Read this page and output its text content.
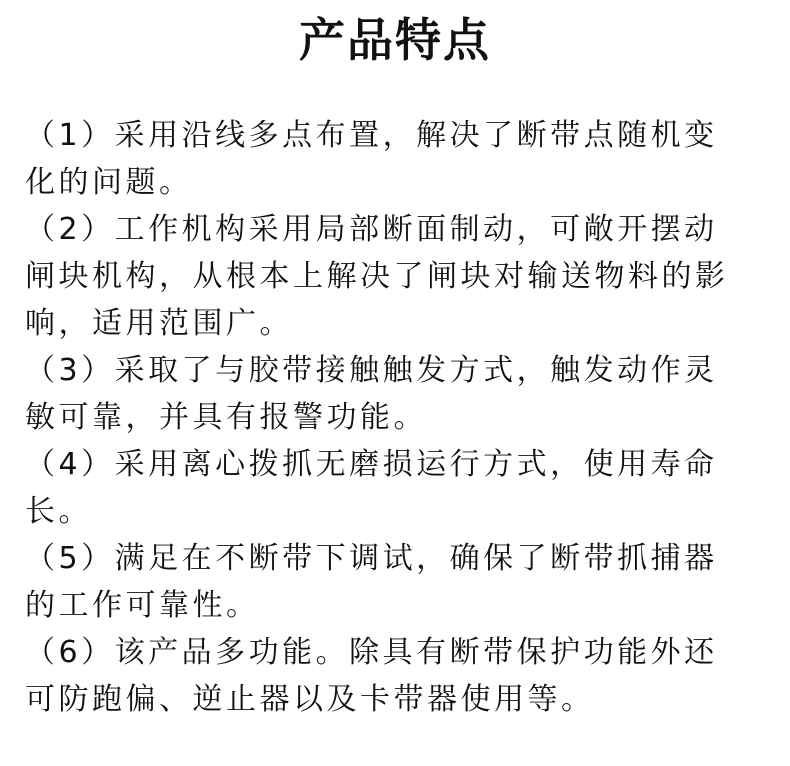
产品特点
（1）采用沿线多点布置，解决了断带点随机变
化的问题。
（2）工作机构采用局部断面制动，可敞开摆动
闸块机构，从根本上解决了闸块对输送物料的影
响，适用范围广。
（3）采取了与胶带接触触发方式，触发动作灵
敏可靠，并具有报警功能。
（4）采用离心拨抓无磨损运行方式，使用寿命
长。
（5）满足在不断带下调试，确保了断带抓捕器
的工作可靠性。
（6）该产品多功能。除具有断带保护功能外还
可防跑偏、逆止器以及卡带器使用等。
